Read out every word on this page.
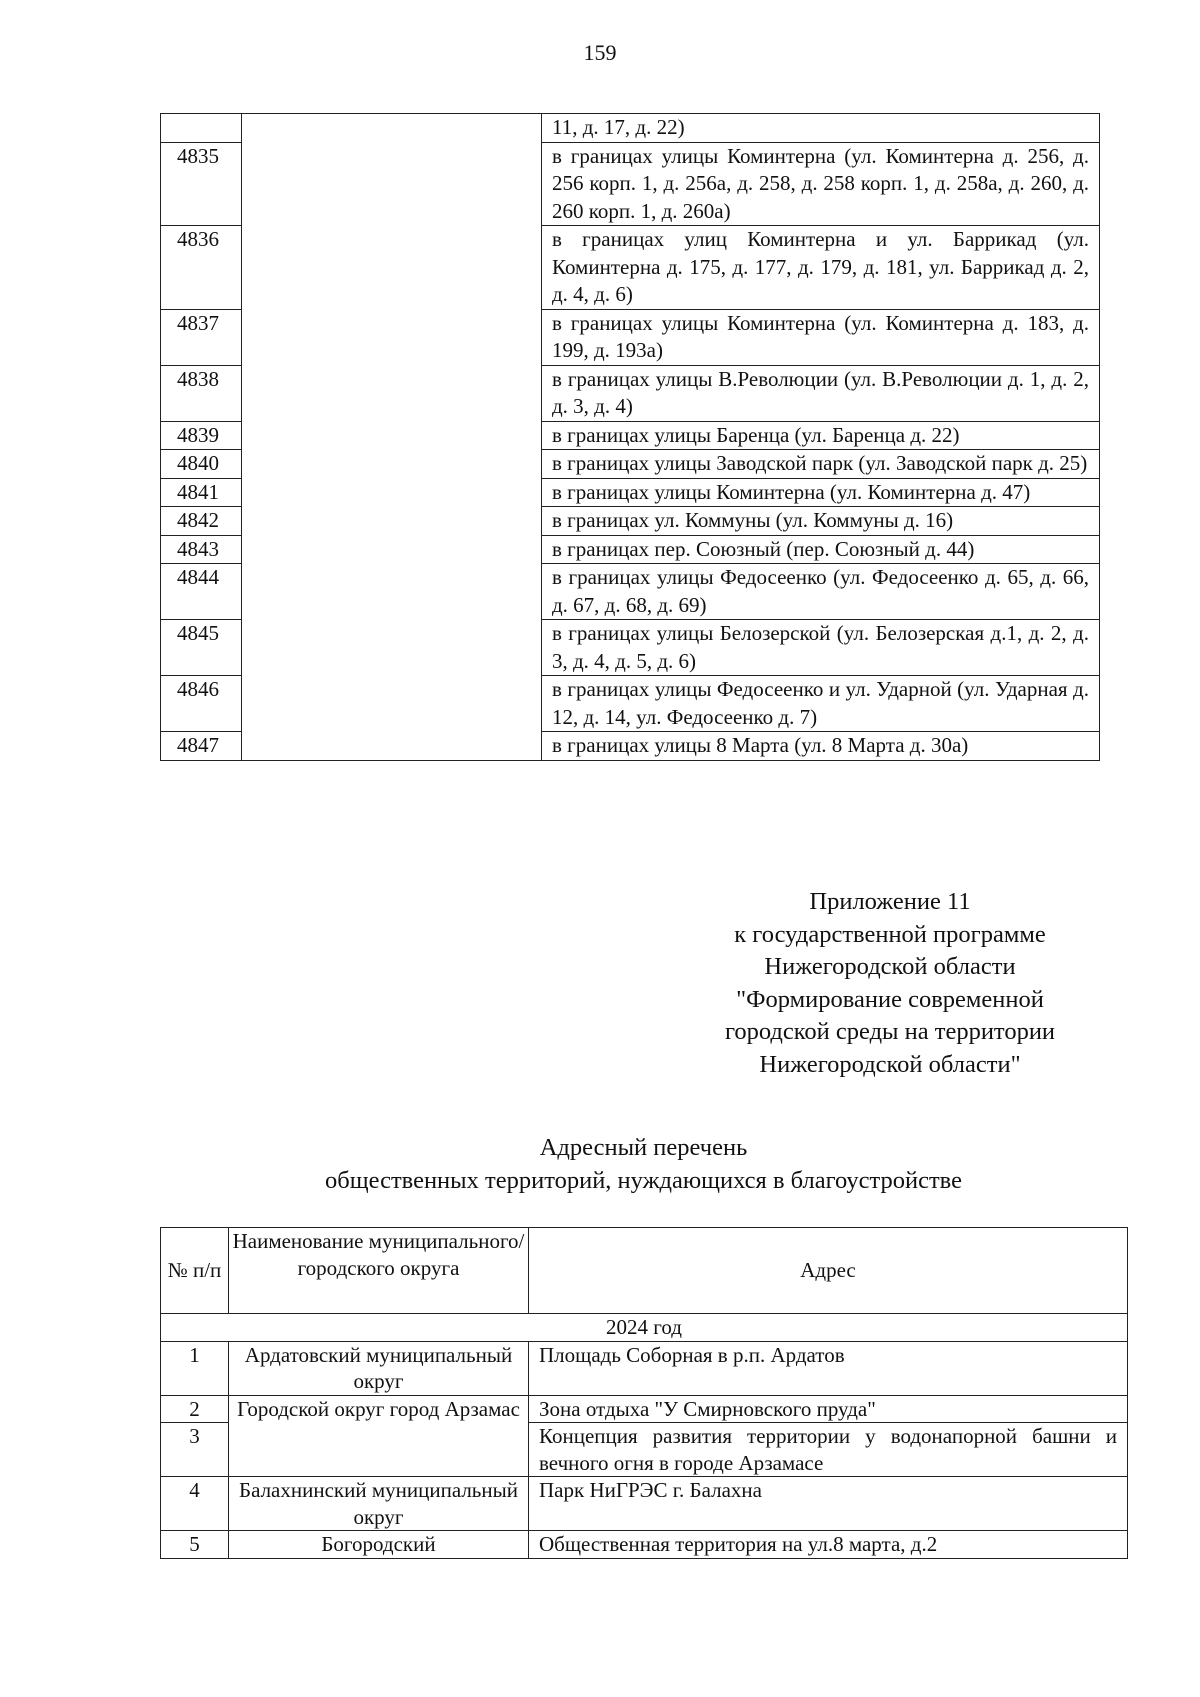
159
		11, д. 17, д. 22)
4835		в границах улицы Коминтерна (ул. Коминтерна д. 256, д. 256 корп. 1, д. 256а, д. 258, д. 258 корп. 1, д. 258а, д. 260, д. 260 корп. 1, д. 260а)
4836		в границах улиц Коминтерна и ул. Баррикад (ул. Коминтерна д. 175, д. 177, д. 179, д. 181, ул. Баррикад д. 2, д. 4, д. 6)
4837		в границах улицы Коминтерна (ул. Коминтерна д. 183, д. 199, д. 193а)
4838		в границах улицы В.Революции (ул. В.Революции д. 1, д. 2, д. 3, д. 4)
4839		в границах улицы Баренца (ул. Баренца д. 22)
4840		в границах улицы Заводской парк (ул. Заводской парк д. 25)
4841		в границах улицы Коминтерна (ул. Коминтерна д. 47)
4842		в границах ул. Коммуны (ул. Коммуны д. 16)
4843		в границах пер. Союзный (пер. Союзный д. 44)
4844		в границах улицы Федосеенко (ул. Федосеенко д. 65, д. 66, д. 67, д. 68, д. 69)
4845		в границах улицы Белозерской (ул. Белозерская д.1, д. 2, д. 3, д. 4, д. 5, д. 6)
4846		в границах улицы Федосеенко и ул. Ударной (ул. Ударная д. 12, д. 14, ул. Федосеенко д. 7)
4847		в границах улицы 8 Марта (ул. 8 Марта д. 30а)
Приложение 11
к государственной программе
Нижегородской области
"Формирование современной
городской среды на территории
Нижегородской области"
Адресный перечень
общественных территорий, нуждающихся в благоустройстве
№ п/п	Наименование муниципального/ городского округа	Адрес
2024 год		
1	Ардатовский муниципальный округ	Площадь Соборная в р.п. Ардатов
2	Городской округ город Арзамас	Зона отдыха "У Смирновского пруда"
3		Концепция развития территории у водонапорной башни и вечного огня в городе Арзамасе
4	Балахнинский муниципальный округ	Парк НиГРЭС г. Балахна
5	Богородский	Общественная территория на ул.8 марта, д.2
